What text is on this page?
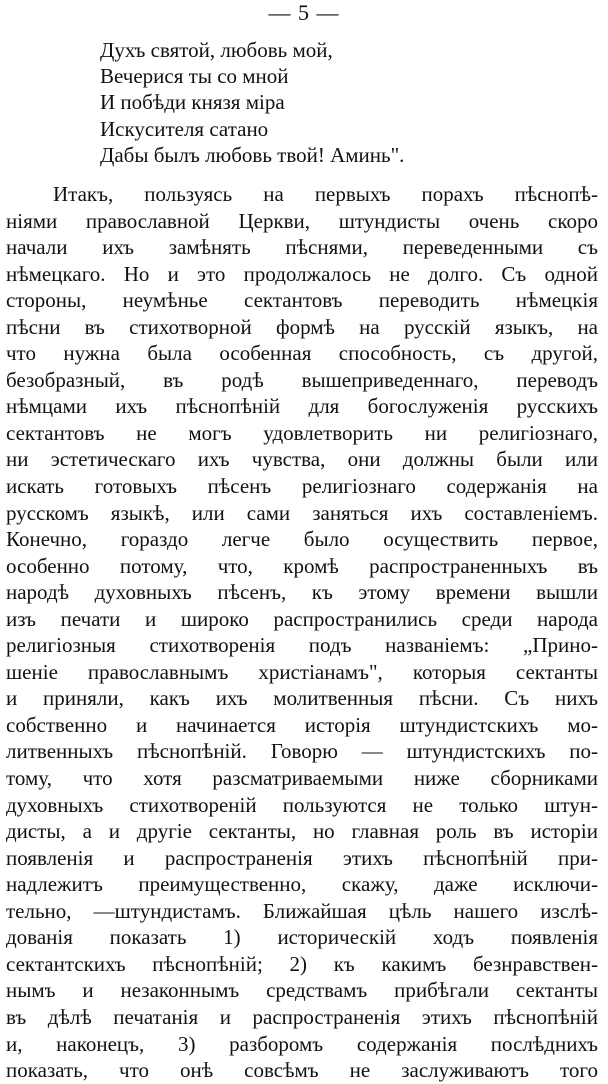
— 5 —
Духъ святой, любовь мой,
Вечерися ты со мной
И побѣди князя міра
Искусителя сатано
Дабы былъ любовь твой! Аминь".
Итакъ, пользуясь на первыхъ порахъ пѣснопѣ-
ніями православной Церкви, штундисты очень скоро
начали ихъ замѣнять пѣснями, переведенными съ
нѣмецкаго. Но и это продолжалось не долго. Съ одной
стороны, неумѣнье сектантовъ переводить нѣмецкія
пѣсни въ стихотворной формѣ на русскій языкъ, на
что нужна была особенная способность, съ другой,
безобразный, въ родѣ вышеприведеннаго, переводъ
нѣмцами ихъ пѣснопѣній для богослуженія русскихъ
сектантовъ не могъ удовлетворить ни религіознаго,
ни эстетическаго ихъ чувства, они должны были или
искать готовыхъ пѣсенъ религіознаго содержанія на
русскомъ языкѣ, или сами заняться ихъ составленіемъ.
Конечно, гораздо легче было осуществить первое,
особенно потому, что, кромѣ распространенныхъ въ
народѣ духовныхъ пѣсенъ, къ этому времени вышли
изъ печати и широко распространились среди народа
религіозныя стихотворенія подъ названіемъ: „Прино-
шеніе православнымъ христіанамъ", которыя сектанты
и приняли, какъ ихъ молитвенныя пѣсни. Съ нихъ
собственно и начинается исторія штундистскихъ мо-
литвенныхъ пѣснопѣній. Говорю — штундистскихъ по-
тому, что хотя разсматриваемыми ниже сборниками
духовныхъ стихотвореній пользуются не только штун-
дисты, а и другіе сектанты, но главная роль въ исторіи
появленія и распространенія этихъ пѣснопѣній при-
надлежитъ преимущественно, скажу, даже исключи-
тельно, —штундистамъ. Ближайшая цѣль нашего изслѣ-
дованія показать 1) историческій ходъ появленія
сектантскихъ пѣснопѣній; 2) къ какимъ безнравствен-
нымъ и незаконнымъ средствамъ прибѣгали сектанты
въ дѣлѣ печатанія и распространенія этихъ пѣснопѣній
и, наконецъ, 3) разборомъ содержанія послѣднихъ
показать, что онѣ совсѣмъ не заслуживаютъ того
